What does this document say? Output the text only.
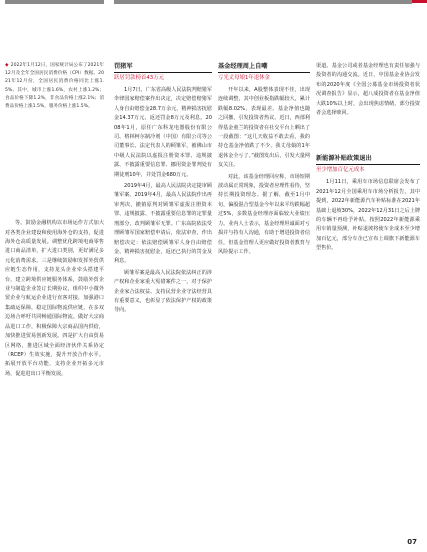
◆ 2022年1月12日，国家统计局公布了2021年12月及全年全国居民消费价格（CPI）数据。2021年12月份，全国居民消费价格同比上涨1.5%。其中，城市上涨1.6%，农村上涨1.2%；食品价格下降1.2%，非食品价格上涨2.1%；消费品价格上涨1.5%，服务价格上涨1.5%。

等。鼓励金融机构以市场运作方式加大对各类企业建设和使用海外仓的支持，促进海外仓高质量发展。调整优化跨境电商零售进口商品清单，扩大进口类别，更好满足多元化消费需求。三是继续鼓励和发挥外贸供应链生态作用，支持龙头企业牵头搭建平台，建立跨境供应链服务体系，鼓励外贸企业与制造企业签订长期协议，组织中小微外贸企业与航运企业进行直客对接，加强港口集疏运保障，稳定国际物流供应链，在多双边场合呼吁共同畅通国际物流。做好大宗商品进口工作，积极保障大宗商品国内供给，加快推进贸易创新发展。四是扩大自由贸易区网络，推进区域全面经济伙伴关系协定（RCEP）生效实施，提升开放合作水平。拓展开放平台功能，支持企业开拓多元市场，促进进出口平衡发展。

罚猪军

跃居罚款榜首43万元

1月7日，广东省高级人民法院判赔猪军伞律国家赔偿案作出决定，决定赔偿赔猪军人身自由赔偿金28.7万余元，精神损害抚慰金14.37万元，返还罚金8万元及利息。2008年1月，原任广东科龙电器股份有限公司、格林柯尔制冷剂（中国）有限公司等公司董事长、法定代表人的顾雏军，被佛山市中级人民法院以虚报注册资本罪、违规披露、不披露重要信息罪、挪用资金罪判处有期徒刑10年，并处罚金680万元。

2019年4月，最高人民法院决定提审顾雏军案。2019年4月，最高人民法院作出再审判决，撤销原判对顾雏军虚报注册资本罪、违规披露、不披露重要信息罪的定罪量刑部分，改判顾雏军无罪。广东高院依法受理顾雏军国家赔偿申请后，依法审查，作出赔偿决定：依法赔偿顾雏军人身自由赔偿金、精神损害抚慰金，返还已执行的罚金及利息。

顾雏军案是最高人民法院依法纠正的涉产权和企业家重大冤错案件之一，对于保护企业家合法权益、支持民营企业守法经营具有重要意义，也彰显了依法保护产权的政策导向。

基金经理周上自嘲

亏光丈母娘1年退休金

开年以来，A股整体表现不佳，出现连续调整，其中创业板指跌幅较大，累计跌幅8.02%，表现最差。基金净值也随之回撤，引发投资者热议。近日，西部利得基金童兰的投资者在社交平台上晒出了一段截图：“这几天收益不敢去看，我的持仓基金净值跌了不少，我丈母娘的1年退休金全亏了。”截图发出后，引发大量网友关注。

对此，该基金经理回应称，市场短期波动属正常现象，投资者应理性看待，坚持长期投资理念。据了解，截至1月中旬，偏股混合型基金今年以来平均跌幅超过5%，多数基金经理亦面临较大业绩压力。业内人士表示，基金经理坦诚面对亏损并与持有人沟通，有助于增进投资者信任，但基金管理人更应做好投资者教育与风险提示工作。

渠道。基金公司或者基金经理也有责任加强与投资者的沟通交流。近日，中国基金业协会发布的2020年度《全国公募基金市场投资者状况调查报告》显示，超八成投资者在基金净值大跌10%以上时，会出现焦虑情绪，部分投资者会选择赎回。

新能源补贴政策退出

至少增加百亿元成本

1月11日，乘用车市场信息联席会发布了2021年12月全国乘用车市场分析报告，其中提到，2022年新能源汽车补贴标准在2021年基础上退坡30%，2022年12月31日之后上牌的车辆不再给予补贴。按照2022年新能源乘用车销量预测，补贴退坡将使车企成本至少增加百亿元，部分车企已宣布上调旗下新能源车型售价。

07
